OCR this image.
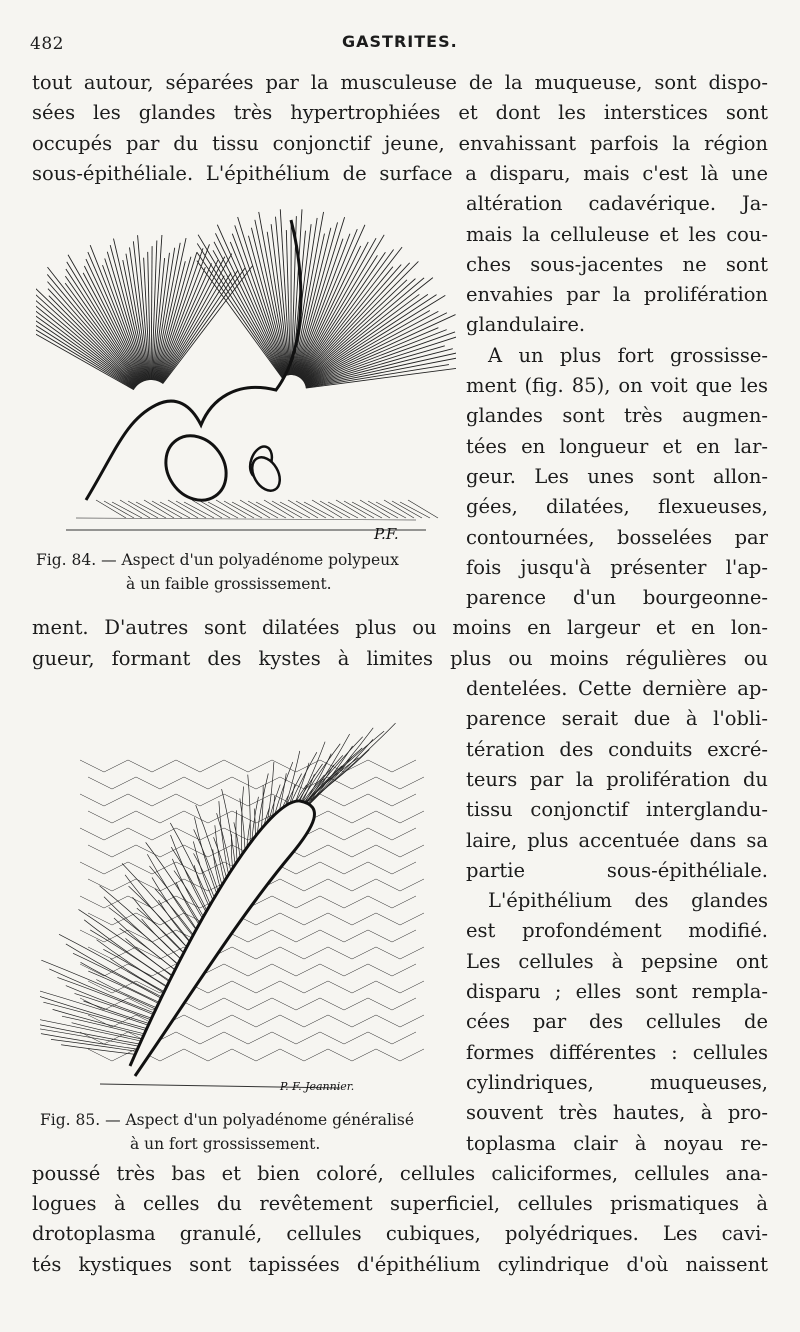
482	GASTRITES.
tout autour, séparées par la musculeuse de la muqueuse, sont dispo-
sées les glandes très hypertrophiées et dont les interstices sont
occupés par du tissu conjonctif jeune, envahissant parfois la région
sous-épithéliale. L'épithélium de surface a disparu, mais c'est là une
altération cadavérique. Ja-
mais la celluleuse et les cou-
ches sous-jacentes ne sont
envahies par la prolifération
glandulaire.
A un plus fort grossisse-
ment (fig. 85), on voit que les
glandes sont très augmen-
tées en longueur et en lar-
geur. Les unes sont allon-
gées, dilatées, flexueuses,
contournées, bosselées par
fois jusqu'à présenter l'ap-
parence d'un bourgeonne-
ment. D'autres sont dilatées plus ou moins en largeur et en lon-
gueur, formant des kystes à limites plus ou moins régulières ou
dentelées. Cette dernière ap-
parence serait due à l'obli-
tération des conduits excré-
teurs par la prolifération du
tissu conjonctif interglandu-
laire, plus accentuée dans sa
partie sous-épithéliale.
L'épithélium des glandes
est profondément modifié.
Les cellules à pepsine ont
disparu ; elles sont rempla-
cées par des cellules de
formes différentes : cellules
cylindriques, muqueuses,
souvent très hautes, à pro-
toplasma clair à noyau re-
poussé très bas et bien coloré, cellules caliciformes, cellules ana-
logues à celles du revêtement superficiel, cellules prismatiques à
drotoplasma granulé, cellules cubiques, polyédriques. Les cavi-
tés kystiques sont tapissées d'épithélium cylindrique d'où naissent
P.F.
Fig. 84. — Aspect d'un polyadénome polypeux
à un faible grossissement.
P. F. Jeannier.
Fig. 85. — Aspect d'un polyadénome généralisé
à un fort grossissement.
